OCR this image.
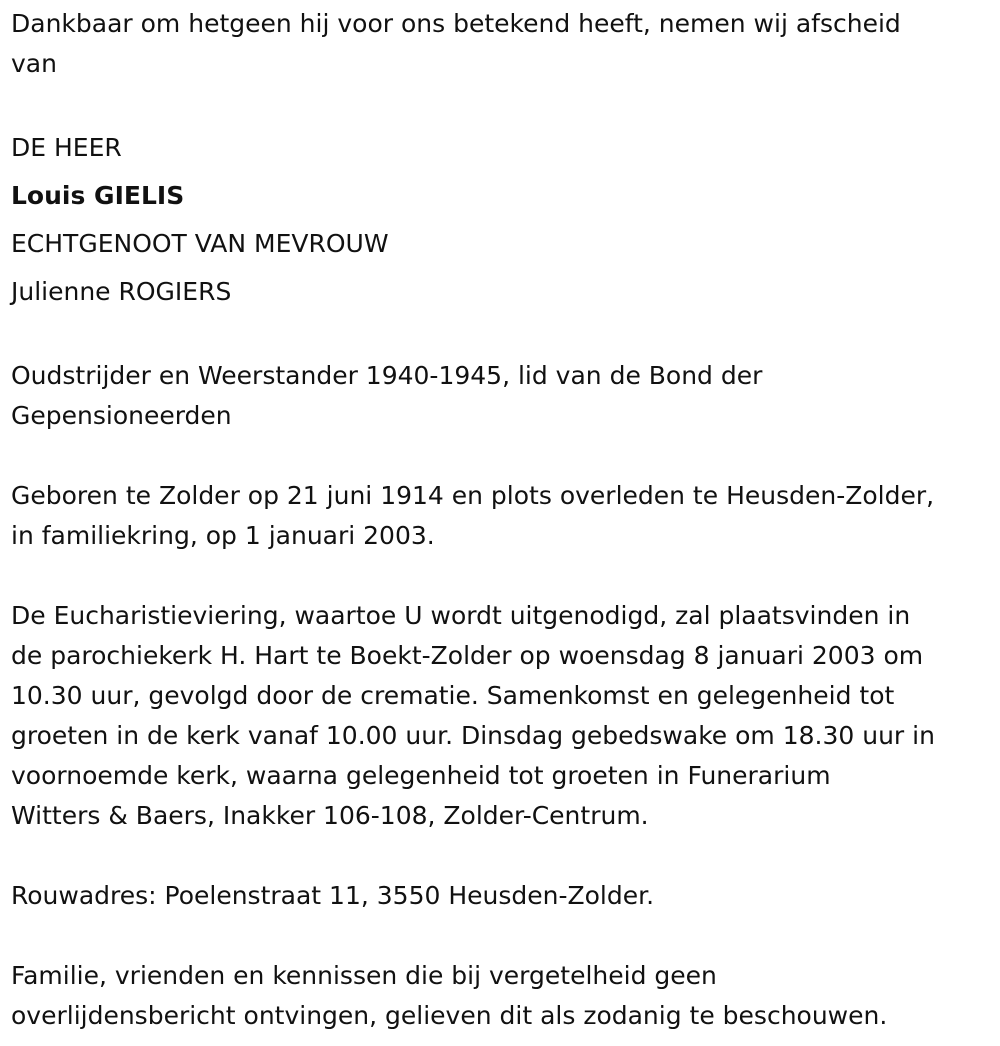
Dankbaar om hetgeen hij voor ons betekend heeft, nemen wij afscheid
van

DE HEER
Louis GIELIS
ECHTGENOOT VAN MEVROUW
Julienne ROGIERS

Oudstrijder en Weerstander 1940-1945, lid van de Bond der
Gepensioneerden

Geboren te Zolder op 21 juni 1914 en plots overleden te Heusden-Zolder,
in familiekring, op 1 januari 2003.

De Eucharistieviering, waartoe U wordt uitgenodigd, zal plaatsvinden in
de parochiekerk H. Hart te Boekt-Zolder op woensdag 8 januari 2003 om
10.30 uur, gevolgd door de crematie. Samenkomst en gelegenheid tot
groeten in de kerk vanaf 10.00 uur. Dinsdag gebedswake om 18.30 uur in
voornoemde kerk, waarna gelegenheid tot groeten in Funerarium
Witters & Baers, Inakker 106-108, Zolder-Centrum.

Rouwadres: Poelenstraat 11, 3550 Heusden-Zolder.

Familie, vrienden en kennissen die bij vergetelheid geen
overlijdensbericht ontvingen, gelieven dit als zodanig te beschouwen.
